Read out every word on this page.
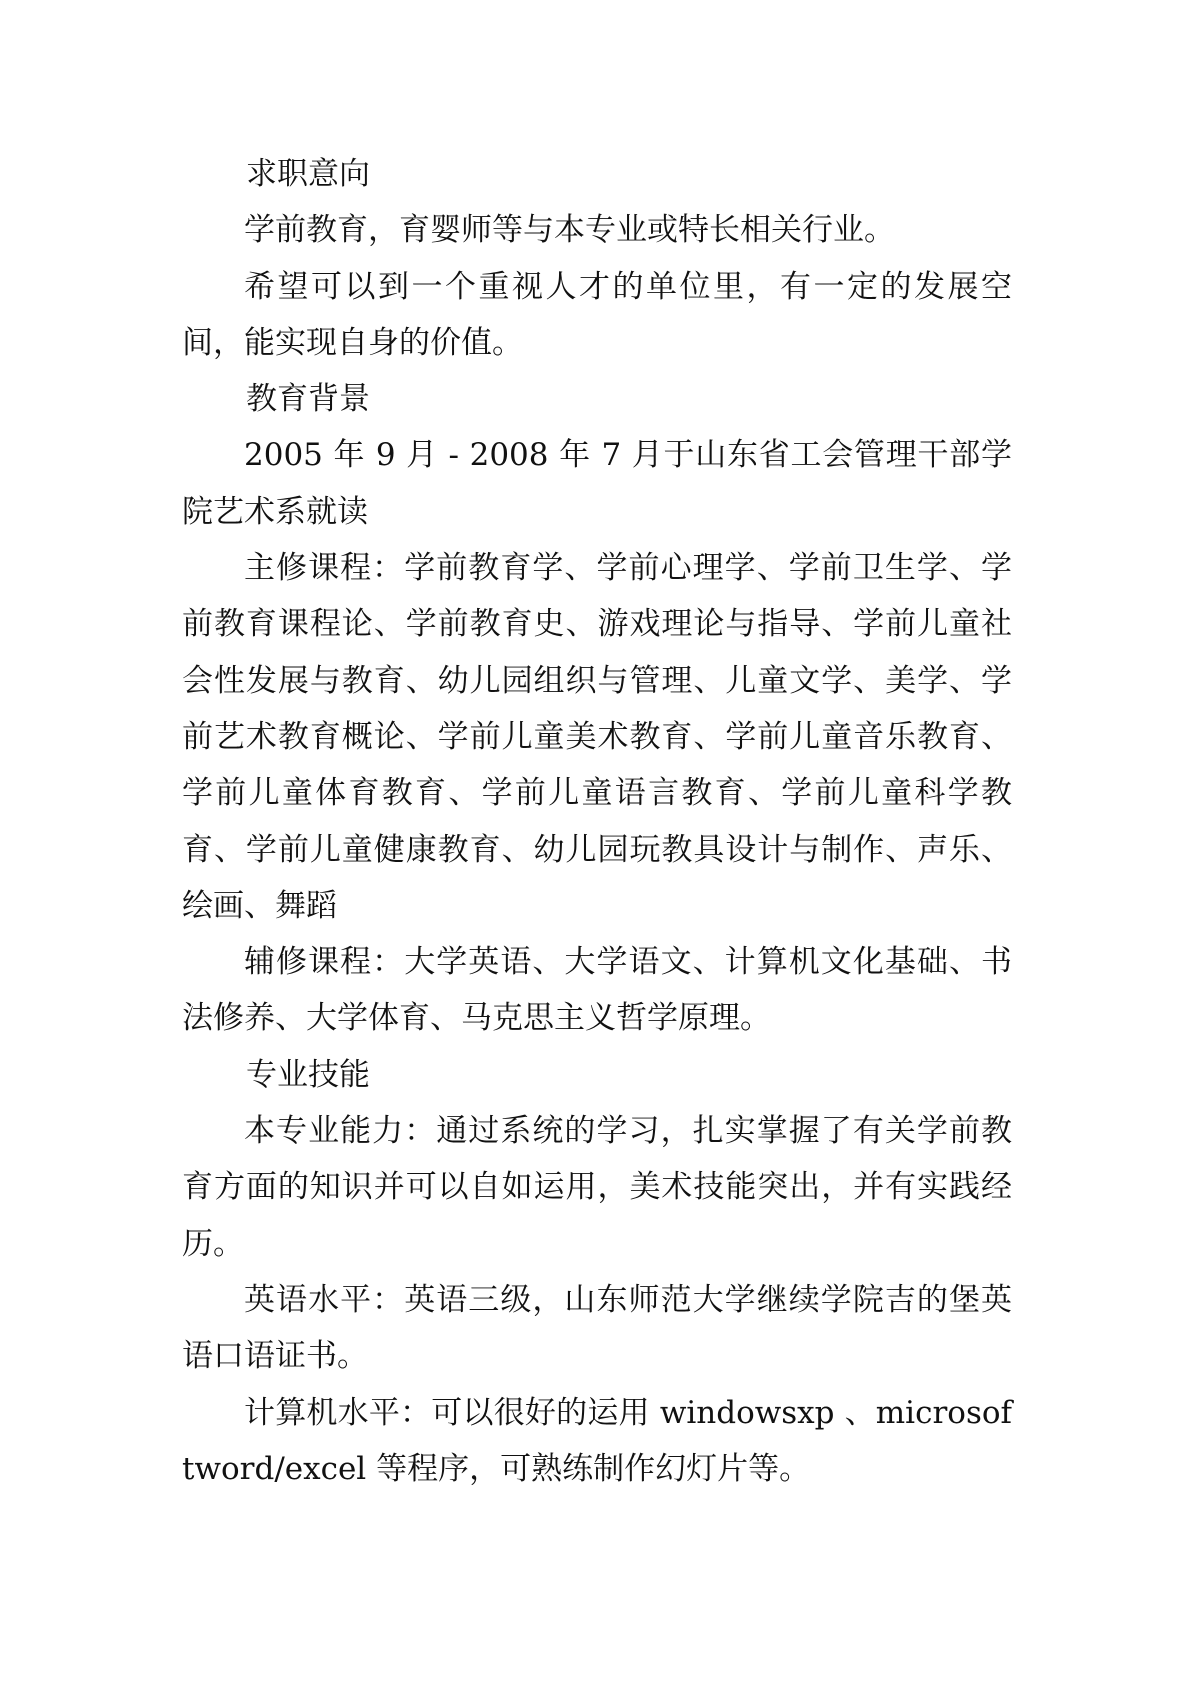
求职意向

学前教育，育婴师等与本专业或特长相关行业。

希望可以到一个重视人才的单位里，有一定的发展空间，能实现自身的价值。

教育背景

2005 年 9 月 - 2008 年 7 月于山东省工会管理干部学院艺术系就读

主修课程：学前教育学、学前心理学、学前卫生学、学前教育课程论、学前教育史、游戏理论与指导、学前儿童社会性发展与教育、幼儿园组织与管理、儿童文学、美学、学前艺术教育概论、学前儿童美术教育、学前儿童音乐教育、学前儿童体育教育、学前儿童语言教育、学前儿童科学教育、学前儿童健康教育、幼儿园玩教具设计与制作、声乐、绘画、舞蹈

辅修课程：大学英语、大学语文、计算机文化基础、书法修养、大学体育、马克思主义哲学原理。

专业技能

本专业能力：通过系统的学习，扎实掌握了有关学前教育方面的知识并可以自如运用，美术技能突出，并有实践经历。

英语水平：英语三级，山东师范大学继续学院吉的堡英语口语证书。

计算机水平：可以很好的运用 windowsxp 、microsoftword/excel 等程序，可熟练制作幻灯片等。
